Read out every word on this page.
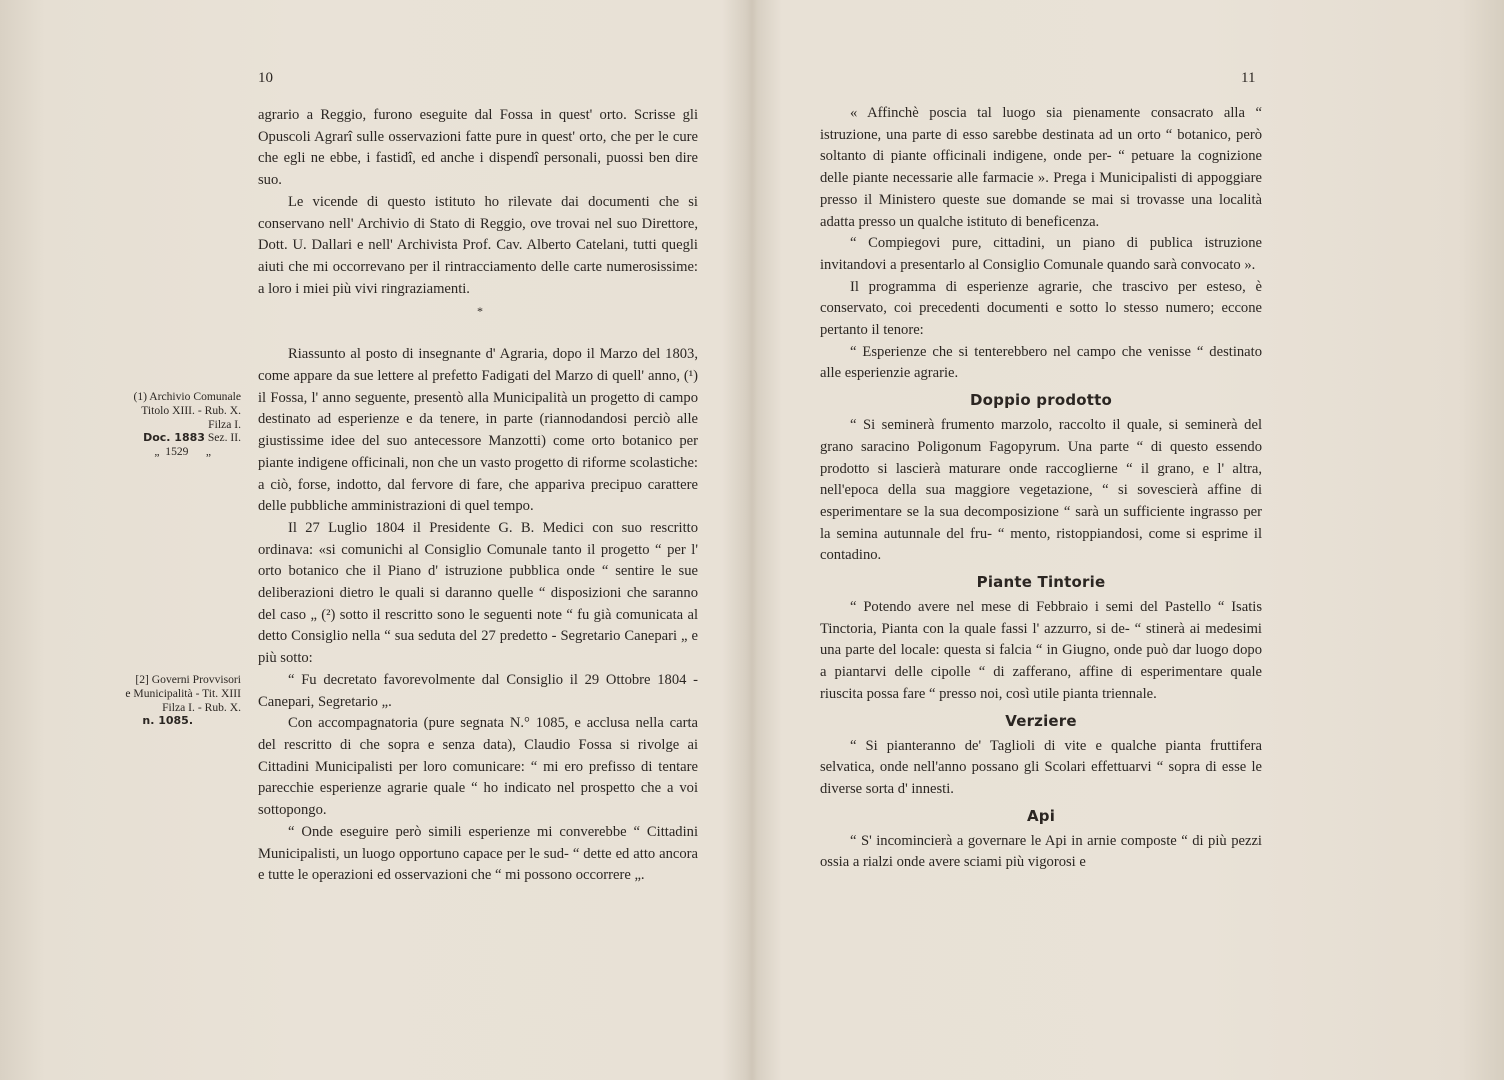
10

agrario a Reggio, furono eseguite dal Fossa in quest' orto. Scrisse gli Opuscoli Agrarî sulle osservazioni fatte pure in quest' orto, che per le cure che egli ne ebbe, i fastidî, ed anche i dispendî personali, puossi ben dire suo.

Le vicende di questo istituto ho rilevate dai documenti che si conservano nell' Archivio di Stato di Reggio, ove trovai nel suo Direttore, Dott. U. Dallari e nell' Archivista Prof. Cav. Alberto Catelani, tutti quegli aiuti che mi occorrevano per il rintracciamento delle carte numerosissime: a loro i miei più vivi ringraziamenti.

*

Riassunto al posto di insegnante d' Agraria, dopo il Marzo del 1803, come appare da sue lettere al prefetto Fadigati del Marzo di quell' anno, (¹) il Fossa, l' anno seguente, presentò alla Municipalità un progetto di campo destinato ad esperienze e da tenere, in parte (riannodandosi perciò alle giustissime idee del suo antecessore Manzotti) come orto botanico per piante indigene officinali, non che un vasto progetto di riforme scolastiche: a ciò, forse, indotto, dal fervore di fare, che appariva precipuo carattere delle pubbliche amministrazioni di quel tempo.

Il 27 Luglio 1804 il Presidente G. B. Medici con suo rescritto ordinava: «si comunichi al Consiglio Comunale tanto il progetto “ per l' orto botanico che il Piano d' istruzione pubblica onde “ sentire le sue deliberazioni dietro le quali si daranno quelle “ disposizioni che saranno del caso „ (²) sotto il rescritto sono le seguenti note “ fu già comunicata al detto Consiglio nella “ sua seduta del 27 predetto - Segretario Canepari „ e più sotto:

“ Fu decretato favorevolmente dal Consiglio il 29 Ottobre 1804 - Canepari, Segretario „.

Con accompagnatoria (pure segnata N.° 1085, e acclusa nella carta del rescritto di che sopra e senza data), Claudio Fossa si rivolge ai Cittadini Municipalisti per loro comunicare: “ mi ero prefisso di tentare parecchie esperienze agrarie quale “ ho indicato nel prospetto che a voi sottopongo.

“ Onde eseguire però simili esperienze mi converebbe “ Cittadini Municipalisti, un luogo opportuno capace per le sud- “ dette ed atto ancora e tutte le operazioni ed osservazioni che “ mi possono occorrere „.

(1) Archivio Comunale
Titolo XIII. - Rub. X.
Filza I.
Doc. 1883 Sez. II.
„ 1529 „
[2] Governi Provvisori
e Municipalità - Tit. XIII
Filza I. - Rub. X.
n. 1085.
11

« Affinchè poscia tal luogo sia pienamente consacrato alla “ istruzione, una parte di esso sarebbe destinata ad un orto “ botanico, però soltanto di piante officinali indigene, onde per- “ petuare la cognizione delle piante necessarie alle farmacie ». Prega i Municipalisti di appoggiare presso il Ministero queste sue domande se mai si trovasse una località adatta presso un qualche istituto di beneficenza.

“ Compiegovi pure, cittadini, un piano di publica istruzione invitandovi a presentarlo al Consiglio Comunale quando sarà convocato ».

Il programma di esperienze agrarie, che trascivo per esteso, è conservato, coi precedenti documenti e sotto lo stesso numero; eccone pertanto il tenore:

“ Esperienze che si tenterebbero nel campo che venisse “ destinato alle esperienzie agrarie.

Doppio prodotto

“ Si seminerà frumento marzolo, raccolto il quale, si seminerà del grano saracino Poligonum Fagopyrum. Una parte “ di questo essendo prodotto si lascierà maturare onde raccoglierne “ il grano, e l' altra, nell'epoca della sua maggiore vegetazione, “ si sovescierà affine di esperimentare se la sua decomposizione “ sarà un sufficiente ingrasso per la semina autunnale del fru- “ mento, ristoppiandosi, come si esprime il contadino.

Piante Tintorie

“ Potendo avere nel mese di Febbraio i semi del Pastello “ Isatis Tinctoria, Pianta con la quale fassi l' azzurro, si de- “ stinerà ai medesimi una parte del locale: questa si falcia “ in Giugno, onde può dar luogo dopo a piantarvi delle cipolle “ di zafferano, affine di esperimentare quale riuscita possa fare “ presso noi, così utile pianta triennale.

Verziere

“ Si pianteranno de' Taglioli di vite e qualche pianta fruttifera selvatica, onde nell'anno possano gli Scolari effettuarvi “ sopra di esse le diverse sorta d' innesti.

Api

“ S' incomincierà a governare le Api in arnie composte “ di più pezzi ossia a rialzi onde avere sciami più vigorosi e
